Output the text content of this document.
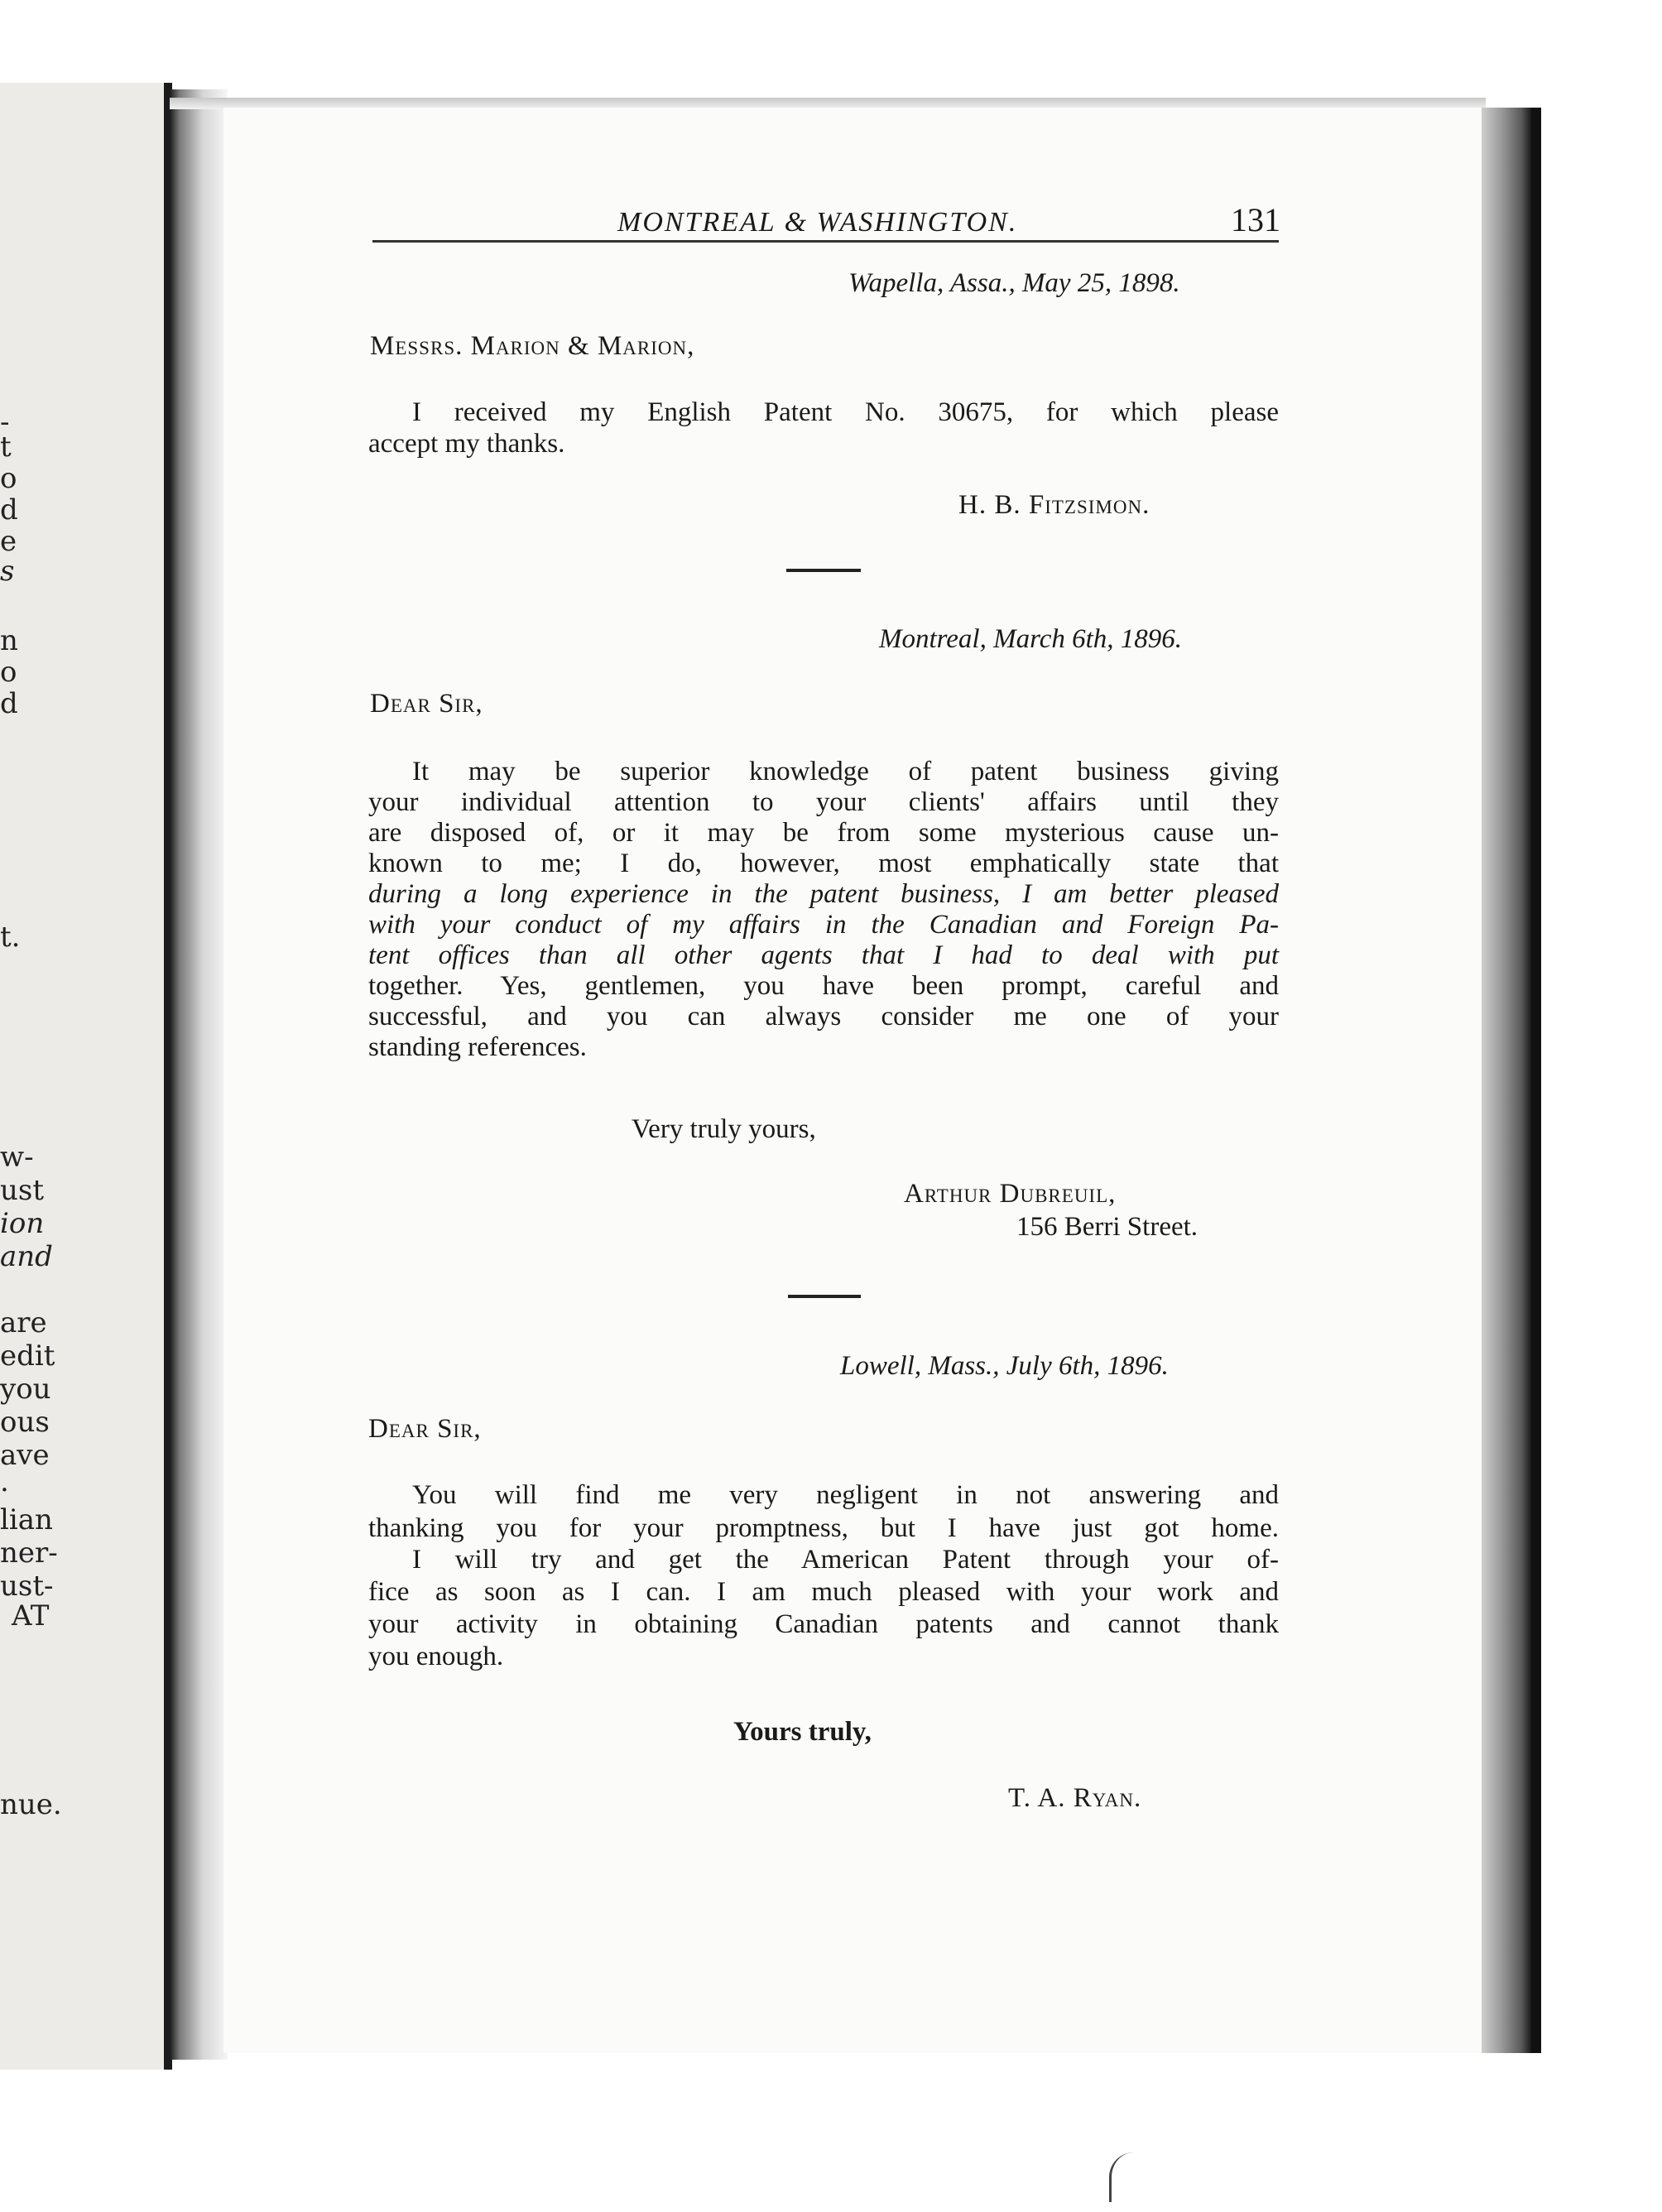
-
t
o
d
e
s
n
o
d
t.
w-
ust
ion
and
are
edit
you
ous
ave
.
lian
ner-
ust-
AT
nue.
MONTREAL & WASHINGTON.	131
Wapella, Assa., May 25, 1898.
Messrs. Marion & Marion,
I received my English Patent No. 30675, for which please
accept my thanks.
H. B. Fitzsimon.
Montreal, March 6th, 1896.
Dear Sir,
It may be superior knowledge of patent business giving
your individual attention to your clients' affairs until they
are disposed of, or it may be from some mysterious cause un-
known to me; I do, however, most emphatically state that
during a long experience in the patent business, I am better pleased
with your conduct of my affairs in the Canadian and Foreign Pa-
tent offices than all other agents that I had to deal with put
together. Yes, gentlemen, you have been prompt, careful and
successful, and you can always consider me one of your
standing references.
Very truly yours,
Arthur Dubreuil,
156 Berri Street.
Lowell, Mass., July 6th, 1896.
Dear Sir,
You will find me very negligent in not answering and
thanking you for your promptness, but I have just got home.
I will try and get the American Patent through your of-
fice as soon as I can. I am much pleased with your work and
your activity in obtaining Canadian patents and cannot thank
you enough.
Yours truly,
T. A. Ryan.
